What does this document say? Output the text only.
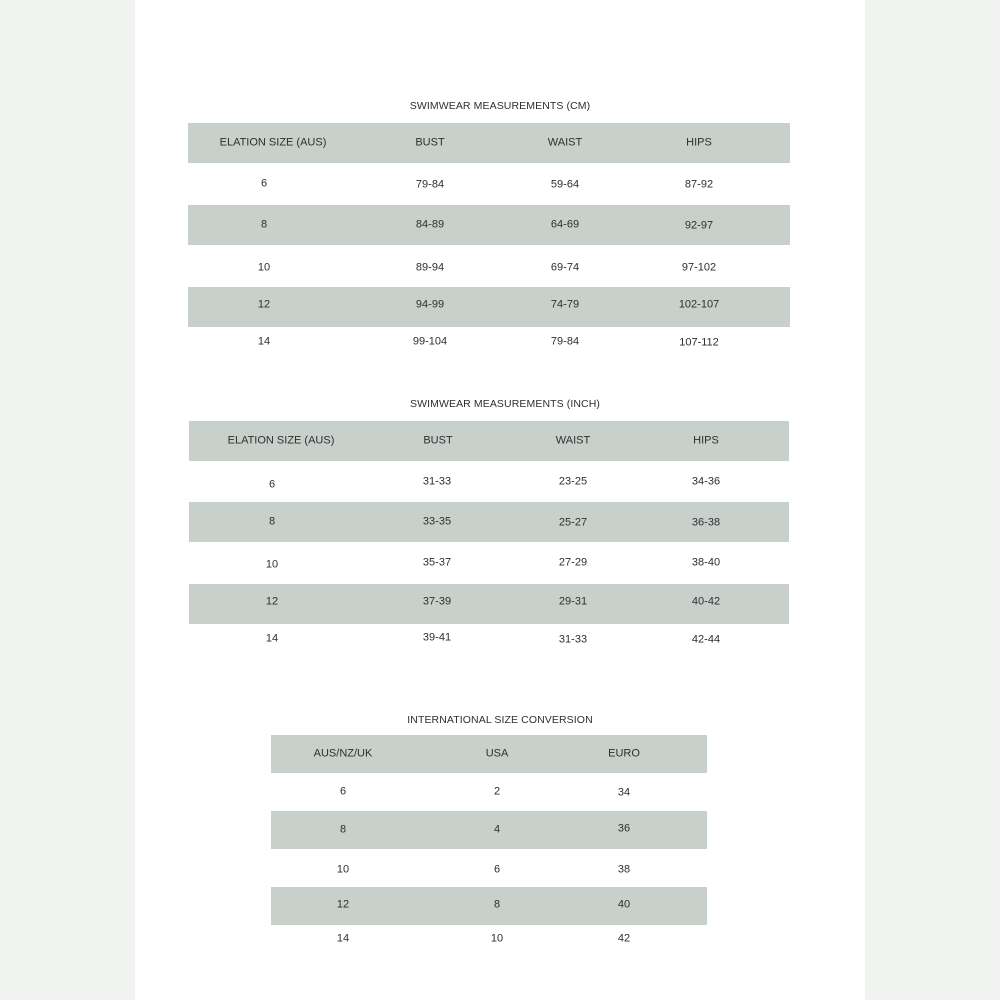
SWIMWEAR MEASUREMENTS (CM)
ELATION SIZE (AUS)	BUST	WAIST	HIPS
6	79-84	59-64	87-92
8	84-89	64-69	92-97
10	89-94	69-74	97-102
12	94-99	74-79	102-107
14	99-104	79-84	107-112
SWIMWEAR MEASUREMENTS (INCH)
ELATION SIZE (AUS)	BUST	WAIST	HIPS
6	31-33	23-25	34-36
8	33-35	25-27	36-38
10	35-37	27-29	38-40
12	37-39	29-31	40-42
14	39-41	31-33	42-44
INTERNATIONAL SIZE CONVERSION
AUS/NZ/UK	USA	EURO
6	2	34
8	4	36
10	6	38
12	8	40
14	10	42
